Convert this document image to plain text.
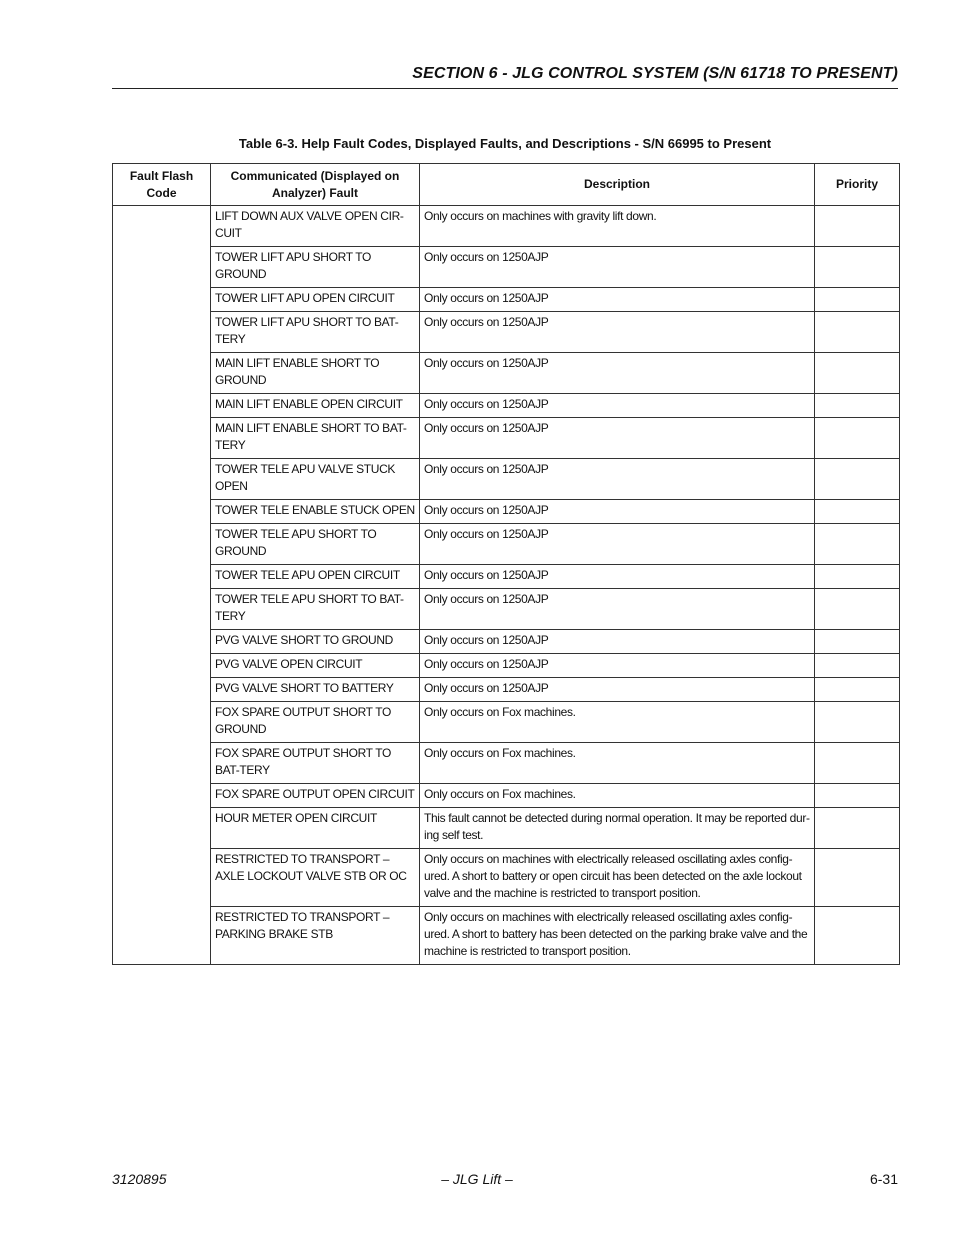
SECTION 6 - JLG CONTROL SYSTEM (S/N 61718 TO PRESENT)
Table 6-3. Help Fault Codes, Displayed Faults, and Descriptions - S/N 66995 to Present
Fault Flash Code	Communicated (Displayed on Analyzer) Fault	Description	Priority
	LIFT DOWN AUX VALVE OPEN CIR-CUIT	Only occurs on machines with gravity lift down.	
	TOWER LIFT APU SHORT TO GROUND	Only occurs on 1250AJP	
	TOWER LIFT APU OPEN CIRCUIT	Only occurs on 1250AJP	
	TOWER LIFT APU SHORT TO BAT-TERY	Only occurs on 1250AJP	
	MAIN LIFT ENABLE SHORT TO GROUND	Only occurs on 1250AJP	
	MAIN LIFT ENABLE OPEN CIRCUIT	Only occurs on 1250AJP	
	MAIN LIFT ENABLE SHORT TO BAT-TERY	Only occurs on 1250AJP	
	TOWER TELE APU VALVE STUCK OPEN	Only occurs on 1250AJP	
	TOWER TELE ENABLE STUCK OPEN	Only occurs on 1250AJP	
	TOWER TELE APU SHORT TO GROUND	Only occurs on 1250AJP	
	TOWER TELE APU OPEN CIRCUIT	Only occurs on 1250AJP	
	TOWER TELE APU SHORT TO BAT-TERY	Only occurs on 1250AJP	
	PVG VALVE SHORT TO GROUND	Only occurs on 1250AJP	
	PVG VALVE OPEN CIRCUIT	Only occurs on 1250AJP	
	PVG VALVE SHORT TO BATTERY	Only occurs on 1250AJP	
	FOX SPARE OUTPUT SHORT TO GROUND	Only occurs on Fox machines.	
	FOX SPARE OUTPUT SHORT TO BAT-TERY	Only occurs on Fox machines.	
	FOX SPARE OUTPUT OPEN CIRCUIT	Only occurs on Fox machines.	
	HOUR METER OPEN CIRCUIT	This fault cannot be detected during normal operation. It may be reported dur-ing self test.	
	RESTRICTED TO TRANSPORT – AXLE LOCKOUT VALVE STB OR OC	Only occurs on machines with electrically released oscillating axles config-ured. A short to battery or open circuit has been detected on the axle lockout valve and the machine is restricted to transport position.	
	RESTRICTED TO TRANSPORT – PARKING BRAKE STB	Only occurs on machines with electrically released oscillating axles config-ured. A short to battery has been detected on the parking brake valve and the machine is restricted to transport position.	
3120895	– JLG Lift –	6-31
